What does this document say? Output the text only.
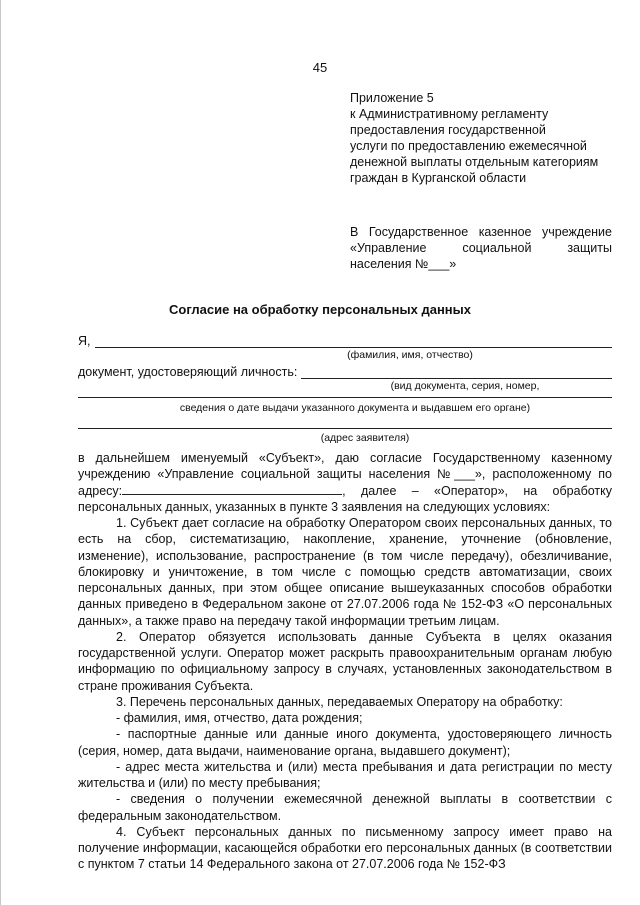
45
Приложение 5
к Административному регламенту
предоставления государственной
услуги по предоставлению ежемесячной
денежной выплаты отдельным категориям
граждан в Курганской области
В Государственное казенное учреждение
«Управление социальной защиты
населения №___»
Согласие на обработку персональных данных
Я,
(фамилия, имя, отчество)
документ, удостоверяющий личность:
(вид документа, серия, номер,
сведения о дате выдачи указанного документа и выдавшем его органе)
(адрес заявителя)

в дальнейшем именуемый «Субъект», даю согласие Государственному казенному учреждению «Управление социальной защиты населения №___», расположенному по адресу:	, далее – «Оператор», на обработку персональных данных, указанных в пункте 3 заявления на следующих условиях:

1. Субъект дает согласие на обработку Оператором своих персональных данных, то есть на сбор, систематизацию, накопление, хранение, уточнение (обновление, изменение), использование, распространение (в том числе передачу), обезличивание, блокировку и уничтожение, в том числе с помощью средств автоматизации, своих персональных данных, при этом общее описание вышеуказанных способов обработки данных приведено в Федеральном законе от 27.07.2006 года № 152-ФЗ «О персональных данных», а также право на передачу такой информации третьим лицам.

2. Оператор обязуется использовать данные Субъекта в целях оказания государственной услуги. Оператор может раскрыть правоохранительным органам любую информацию по официальному запросу в случаях, установленных законодательством в стране проживания Субъекта.

3. Перечень персональных данных, передаваемых Оператору на обработку:

- фамилия, имя, отчество, дата рождения;

- паспортные данные или данные иного документа, удостоверяющего личность (серия, номер, дата выдачи, наименование органа, выдавшего документ);

- адрес места жительства и (или) места пребывания и дата регистрации по месту жительства и (или) по месту пребывания;

- сведения о получении ежемесячной денежной выплаты в соответствии с федеральным законодательством.

4. Субъект персональных данных по письменному запросу имеет право на получение информации, касающейся обработки его персональных данных (в соответствии с пунктом 7 статьи 14 Федерального закона от 27.07.2006 года № 152-ФЗ
